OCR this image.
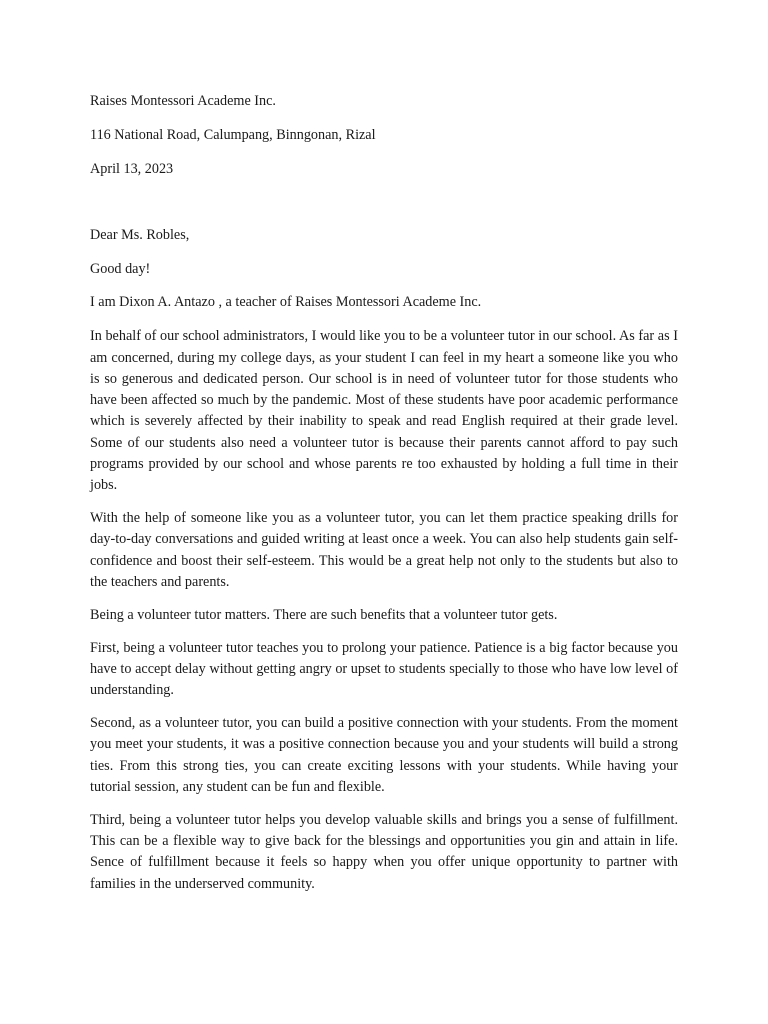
Raises Montessori Academe Inc.

116 National Road, Calumpang, Binngonan, Rizal

April 13, 2023

Dear Ms. Robles,

Good day!

I am Dixon A. Antazo , a teacher of Raises Montessori Academe Inc.

In behalf of our school administrators, I would like you to be a volunteer tutor in our school. As far as I am concerned, during my college days, as your student I can feel in my heart a someone like you who is so generous and dedicated person. Our school is in need of volunteer tutor for those students who have been affected so much by the pandemic. Most of these students have poor academic performance which is severely affected by their inability to speak and read English required at their grade level. Some of our students also need a volunteer tutor is because their parents cannot afford to pay such programs provided by our school and whose parents re too exhausted by holding a full time in their jobs.

With the help of someone like you as a volunteer tutor, you can let them practice speaking drills for day-to-day conversations and guided writing at least once a week. You can also help students gain self-confidence and boost their self-esteem. This would be a great help not only to the students but also to the teachers and parents.

Being a volunteer tutor matters. There are such benefits that a volunteer tutor gets.

First, being a volunteer tutor teaches you to prolong your patience. Patience is a big factor because you have to accept delay without getting angry or upset to students specially to those who have low level of understanding.

Second, as a volunteer tutor, you can build a positive connection with your students. From the moment you meet your students, it was a positive connection because you and your students will build a strong ties. From this strong ties, you can create exciting lessons with your students. While having your tutorial session, any student can be fun and flexible.

Third, being a volunteer tutor helps you develop valuable skills and brings you a sense of fulfillment. This can be a flexible way to give back for the blessings and opportunities you gin and attain in life. Sence of fulfillment because it feels so happy when you offer unique opportunity to partner with families in the underserved community.
